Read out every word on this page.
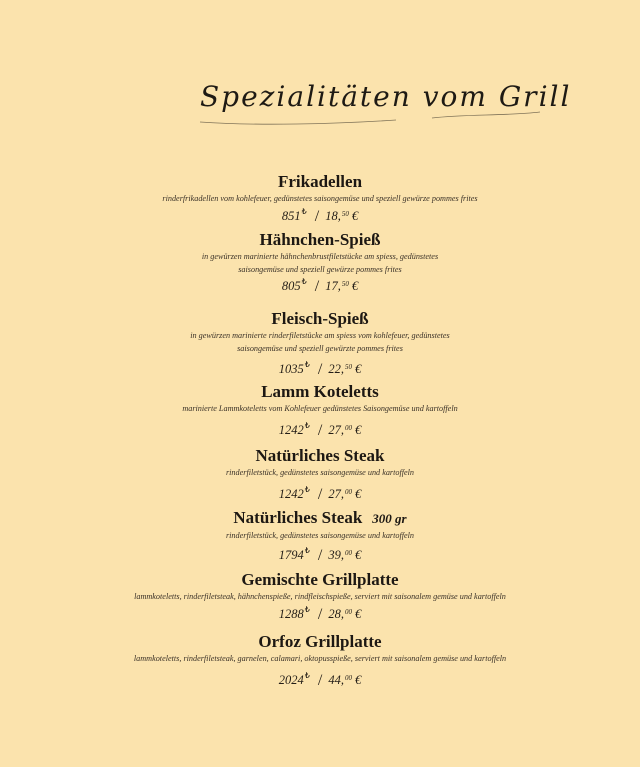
Spezialitäten vom Grill
Frikadellen
rinderfrikadellen vom kohlefeuer, gedünstetes saisongemüse und speziell gewürze pommes frites
851₺ / 18,50 €
Hähnchen-Spieß
in gewürzen marinierte hähnchenbrustfiletstücke am spiess, gedünstetes
saisongemüse und speziell gewürze pommes frites
805₺ / 17,50 €
Fleisch-Spieß
in gewürzen marinierte rinderfiletstücke am spiess vom kohlefeuer, gedünstetes
saisongemüse und speziell gewürzte pommes frites
1035₺ / 22,50 €
Lamm Koteletts
marinierte Lammkoteletts vom Kohlefeuer gedünstetes Saisongemüse und kartoffeln
1242₺ / 27,00 €
Natürliches Steak
rinderfiletstück, gedünstetes saisongemüse und kartoffeln
1242₺ / 27,00 €
Natürliches Steak 300 gr
rinderfiletstück, gedünstetes saisongemüse und kartoffeln
1794₺ / 39,00 €
Gemischte Grillplatte
lammkoteletts, rinderfiletsteak, hähnchenspieße, rindfleischspieße, serviert mit saisonalem gemüse und kartoffeln
1288₺ / 28,00 €
Orfoz Grillplatte
lammkoteletts, rinderfiletsteak, garnelen, calamari, oktopusspieße, serviert mit saisonalem gemüse und kartoffeln
2024₺ / 44,00 €
